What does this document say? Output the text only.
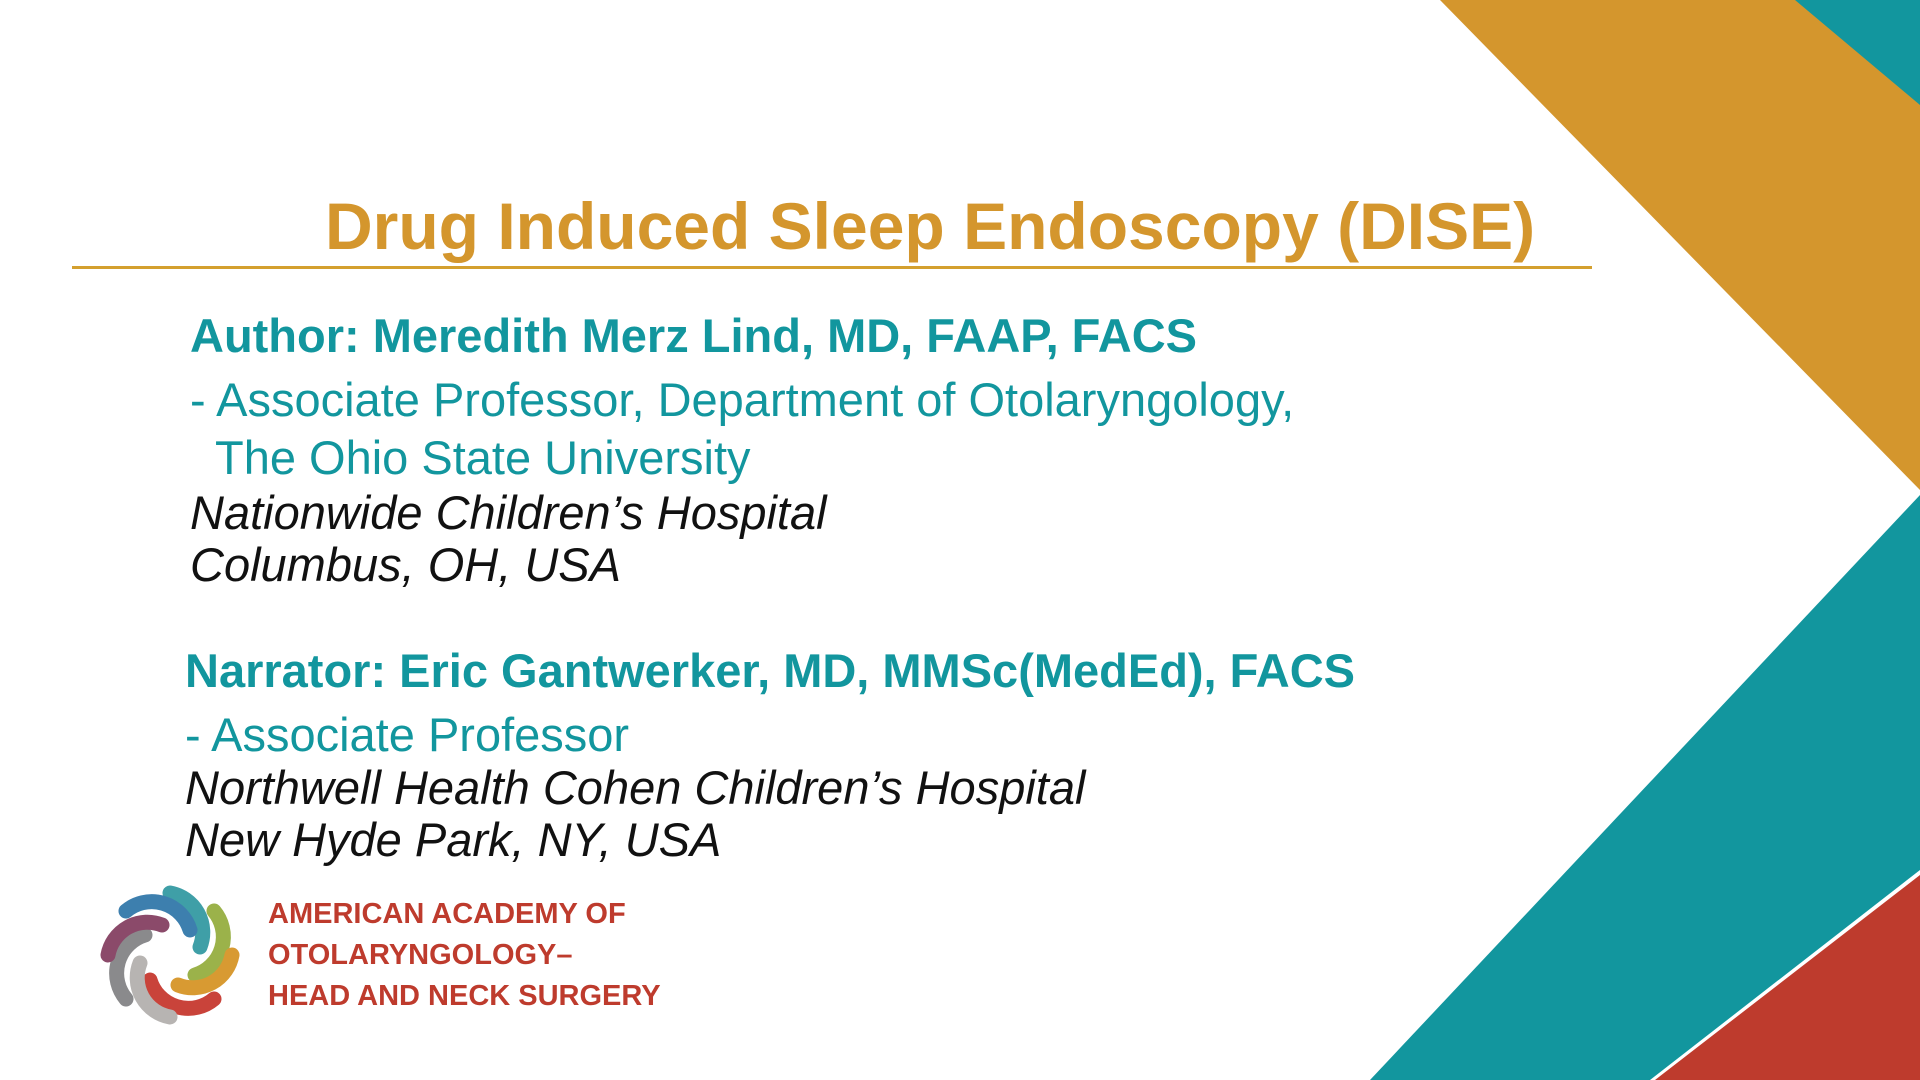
Drug Induced Sleep Endoscopy (DISE)
Author: Meredith Merz Lind, MD, FAAP, FACS
- Associate Professor, Department of Otolaryngology,
The Ohio State University
Nationwide Children’s Hospital
Columbus, OH, USA
Narrator: Eric Gantwerker, MD, MMSc(MedEd), FACS
- Associate Professor
Northwell Health Cohen Children’s Hospital
New Hyde Park, NY, USA
AMERICAN ACADEMY OF
OTOLARYNGOLOGY–
HEAD AND NECK SURGERY
